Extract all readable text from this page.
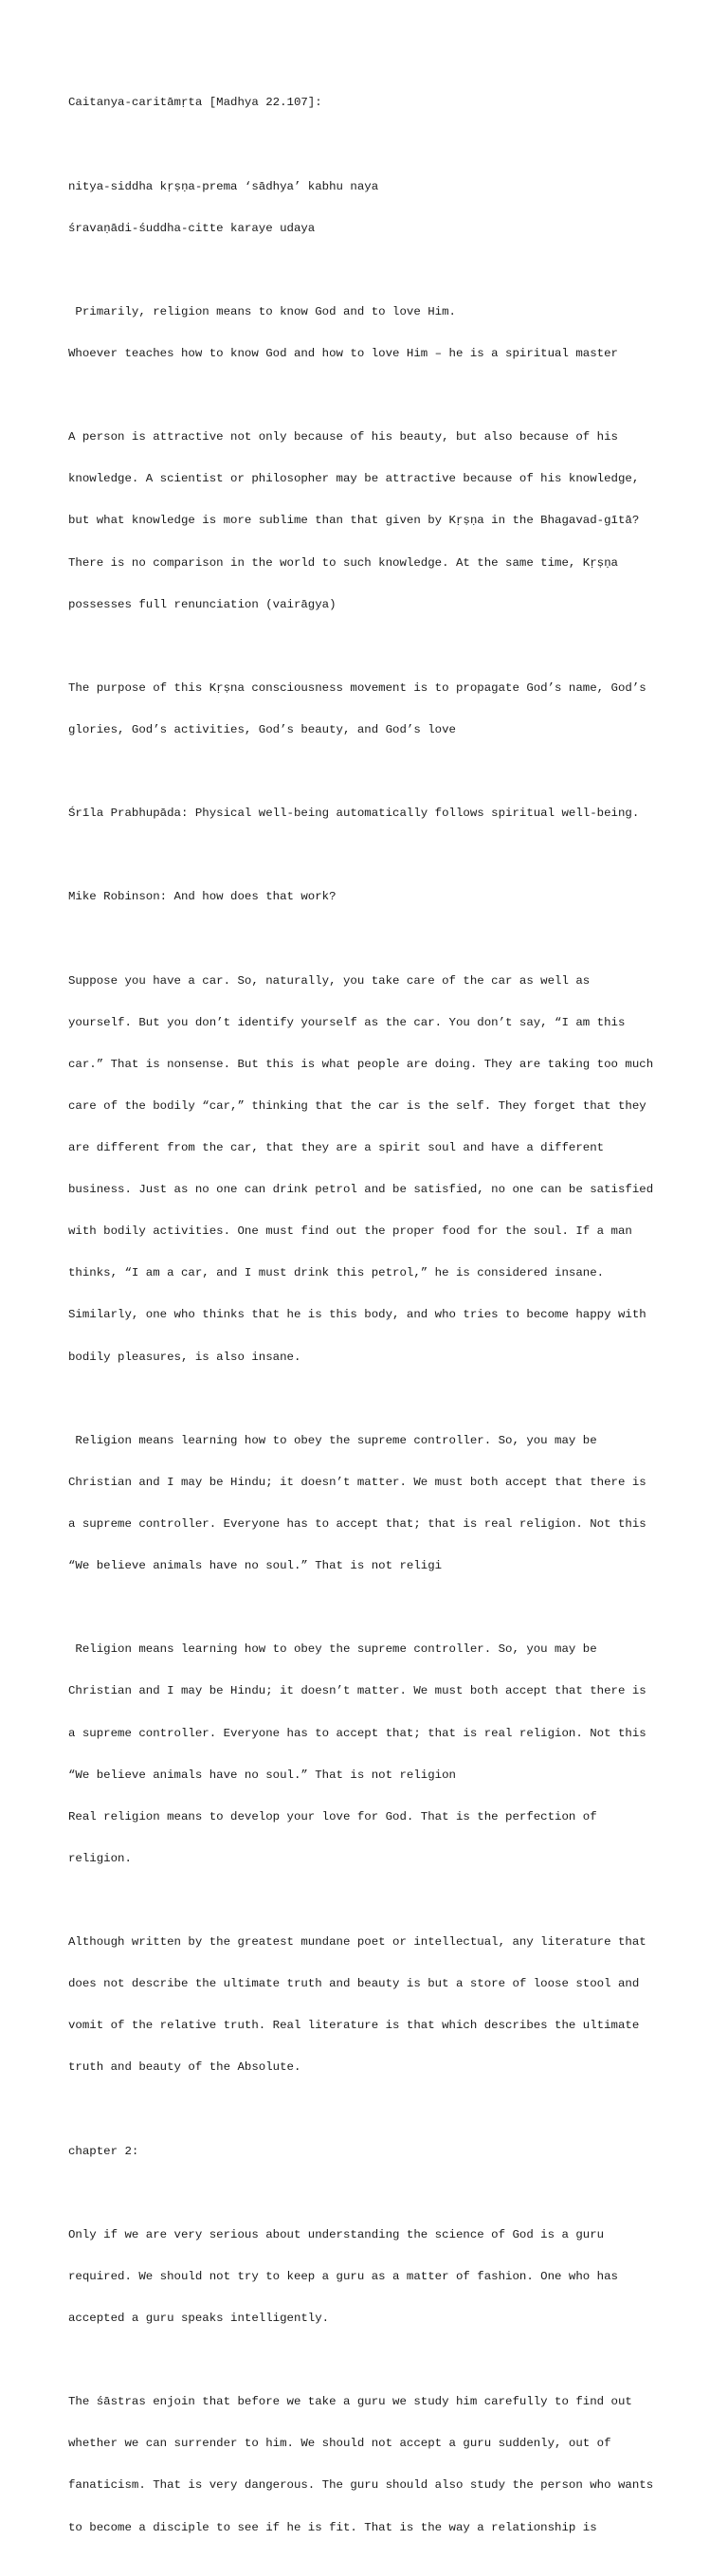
Caitanya-caritāmṛta [Madhya 22.107]:

nitya-siddha kṛṣṇa-prema ‘sādhya’ kabhu naya

śravaṇādi-śuddha-citte karaye udaya

Primarily, religion means to know God and to love Him.

Whoever teaches how to know God and how to love Him – he is a spiritual master

A person is attractive not only because of his beauty, but also because of his

knowledge. A scientist or philosopher may be attractive because of his knowledge,

but what knowledge is more sublime than that given by Kṛṣṇa in the Bhagavad-gītā?

There is no comparison in the world to such knowledge. At the same time, Kṛṣṇa

possesses full renunciation (vairāgya)

The purpose of this Kṛṣna consciousness movement is to propagate God’s name, God’s

glories, God’s activities, God’s beauty, and God’s love

Śrīla Prabhupāda: Physical well-being automatically follows spiritual well-being.

Mike Robinson: And how does that work?

Suppose you have a car. So, naturally, you take care of the car as well as

yourself. But you don’t identify yourself as the car. You don’t say, “I am this

car.” That is nonsense. But this is what people are doing. They are taking too much

care of the bodily “car,” thinking that the car is the self. They forget that they

are different from the car, that they are a spirit soul and have a different

business. Just as no one can drink petrol and be satisfied, no one can be satisfied

with bodily activities. One must find out the proper food for the soul. If a man

thinks, “I am a car, and I must drink this petrol,” he is considered insane.

Similarly, one who thinks that he is this body, and who tries to become happy with

bodily pleasures, is also insane.

Religion means learning how to obey the supreme controller. So, you may be

Christian and I may be Hindu; it doesn’t matter. We must both accept that there is

a supreme controller. Everyone has to accept that; that is real religion. Not this

“We believe animals have no soul.” That is not religi

Religion means learning how to obey the supreme controller. So, you may be

Christian and I may be Hindu; it doesn’t matter. We must both accept that there is

a supreme controller. Everyone has to accept that; that is real religion. Not this

“We believe animals have no soul.” That is not religion

Real religion means to develop your love for God. That is the perfection of

religion.

Although written by the greatest mundane poet or intellectual, any literature that

does not describe the ultimate truth and beauty is but a store of loose stool and

vomit of the relative truth. Real literature is that which describes the ultimate

truth and beauty of the Absolute.

chapter 2:

Only if we are very serious about understanding the science of God is a guru

required. We should not try to keep a guru as a matter of fashion. One who has

accepted a guru speaks intelligently.

The śāstras enjoin that before we take a guru we study him carefully to find out

whether we can surrender to him. We should not accept a guru suddenly, out of

fanaticism. That is very dangerous. The guru should also study the person who wants

to become a disciple to see if he is fit. That is the way a relationship is
